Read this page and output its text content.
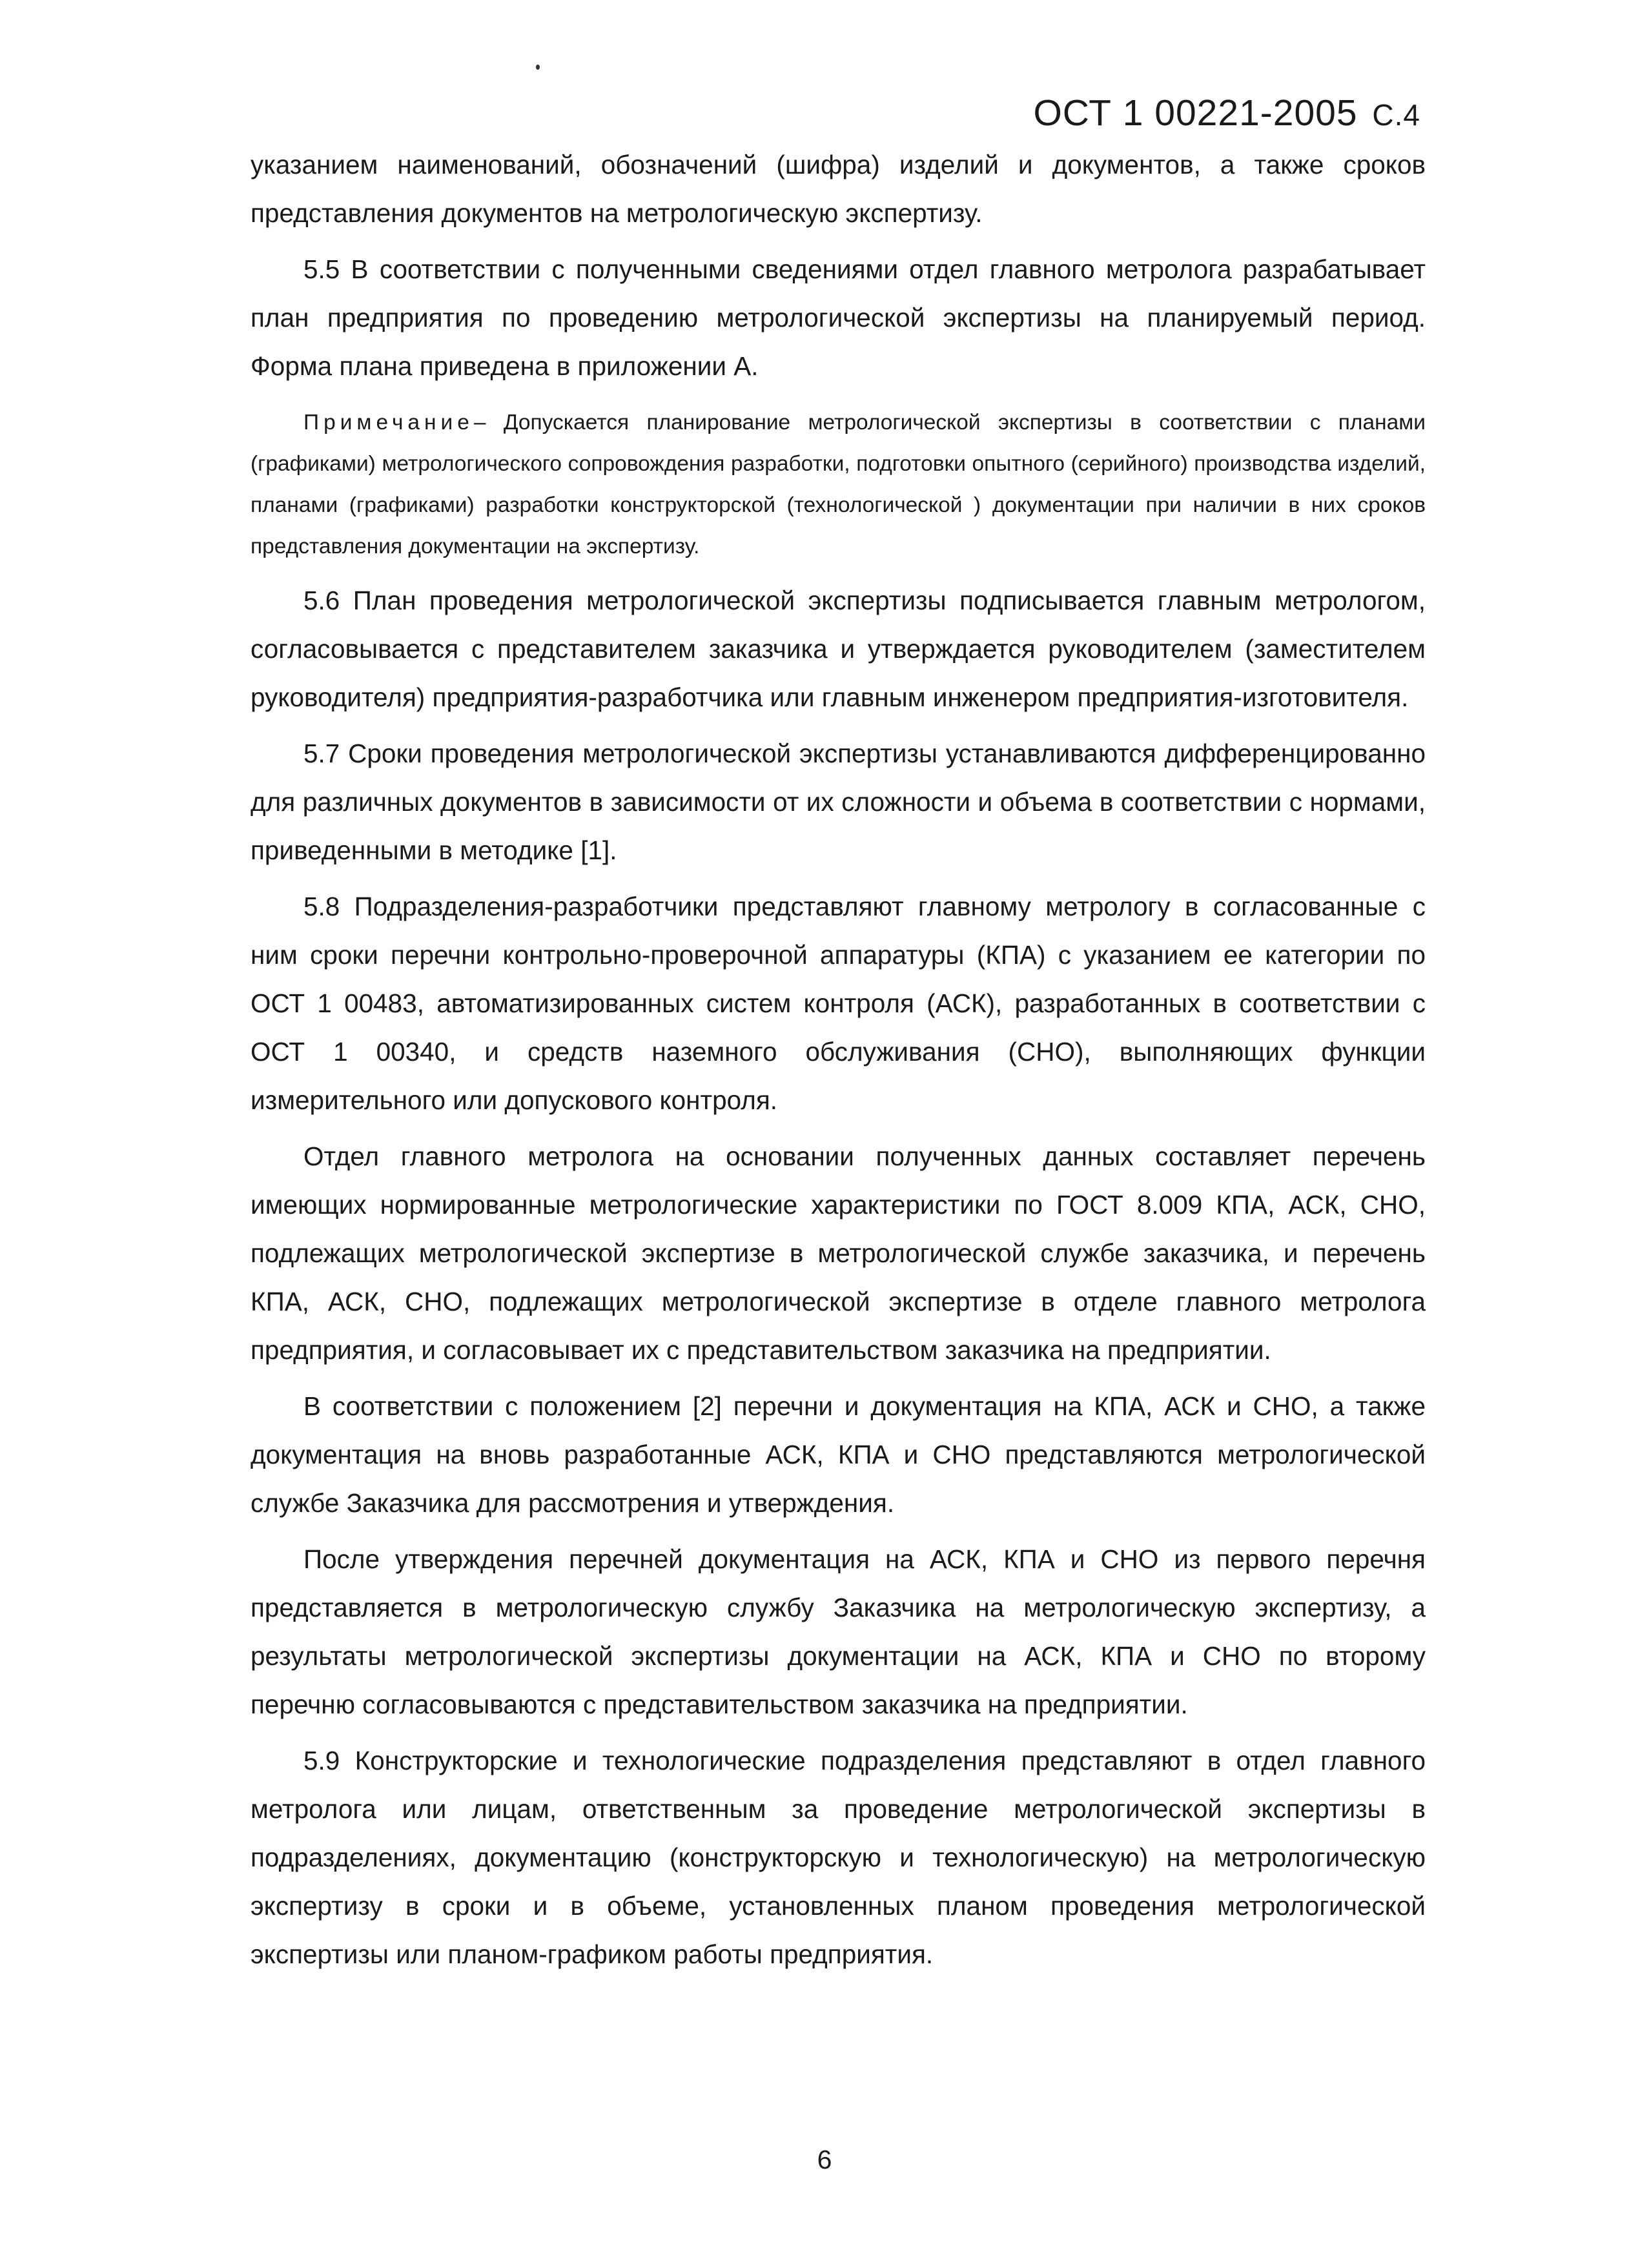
ОСТ 1 00221-2005 С.4

указанием наименований, обозначений (шифра) изделий и документов, а также сроков представления документов на метрологическую экспертизу.

5.5 В соответствии с полученными сведениями отдел главного метролога разрабатывает план предприятия по проведению метрологической экспертизы на планируемый период. Форма плана приведена в приложении А.

Примечание– Допускается планирование метрологической экспертизы в соответствии с планами (графиками) метрологического сопровождения разработки, подготовки опытного (серийного) производства изделий, планами (графиками) разработки конструкторской (технологической ) документации при наличии в них сроков представления документации на экспертизу.

5.6 План проведения метрологической экспертизы подписывается главным метрологом, согласовывается с представителем заказчика и утверждается руководителем (заместителем руководителя) предприятия-разработчика или главным инженером предприятия-изготовителя.

5.7 Сроки проведения метрологической экспертизы устанавливаются дифференцированно для различных документов в зависимости от их сложности и объема в соответствии с нормами, приведенными в методике [1].

5.8 Подразделения-разработчики представляют главному метрологу в согласованные с ним сроки перечни контрольно-проверочной аппаратуры (КПА) с указанием ее категории по ОСТ 1 00483, автоматизированных систем контроля (АСК), разработанных в соответствии с ОСТ 1 00340, и средств наземного обслуживания (СНО), выполняющих функции измерительного или допускового контроля.

Отдел главного метролога на основании полученных данных составляет перечень имеющих нормированные метрологические характеристики по ГОСТ 8.009 КПА, АСК, СНО, подлежащих метрологической экспертизе в метрологической службе заказчика, и перечень КПА, АСК, СНО, подлежащих метрологической экспертизе в отделе главного метролога предприятия, и согласовывает их с представительством заказчика на предприятии.

В соответствии с положением [2] перечни и документация на КПА, АСК и СНО, а также документация на вновь разработанные АСК, КПА и СНО представляются метрологической службе Заказчика для рассмотрения и утверждения.

После утверждения перечней документация на АСК, КПА и СНО из первого перечня представляется в метрологическую службу Заказчика на метрологическую экспертизу, а результаты метрологической экспертизы документации на АСК, КПА и СНО по второму перечню согласовываются с представительством заказчика на предприятии.

5.9 Конструкторские и технологические подразделения представляют в отдел главного метролога или лицам, ответственным за проведение метрологической экспертизы в подразделениях, документацию (конструкторскую и технологическую) на метрологическую экспертизу в сроки и в объеме, установленных планом проведения метрологической экспертизы или планом-графиком работы предприятия.

6
